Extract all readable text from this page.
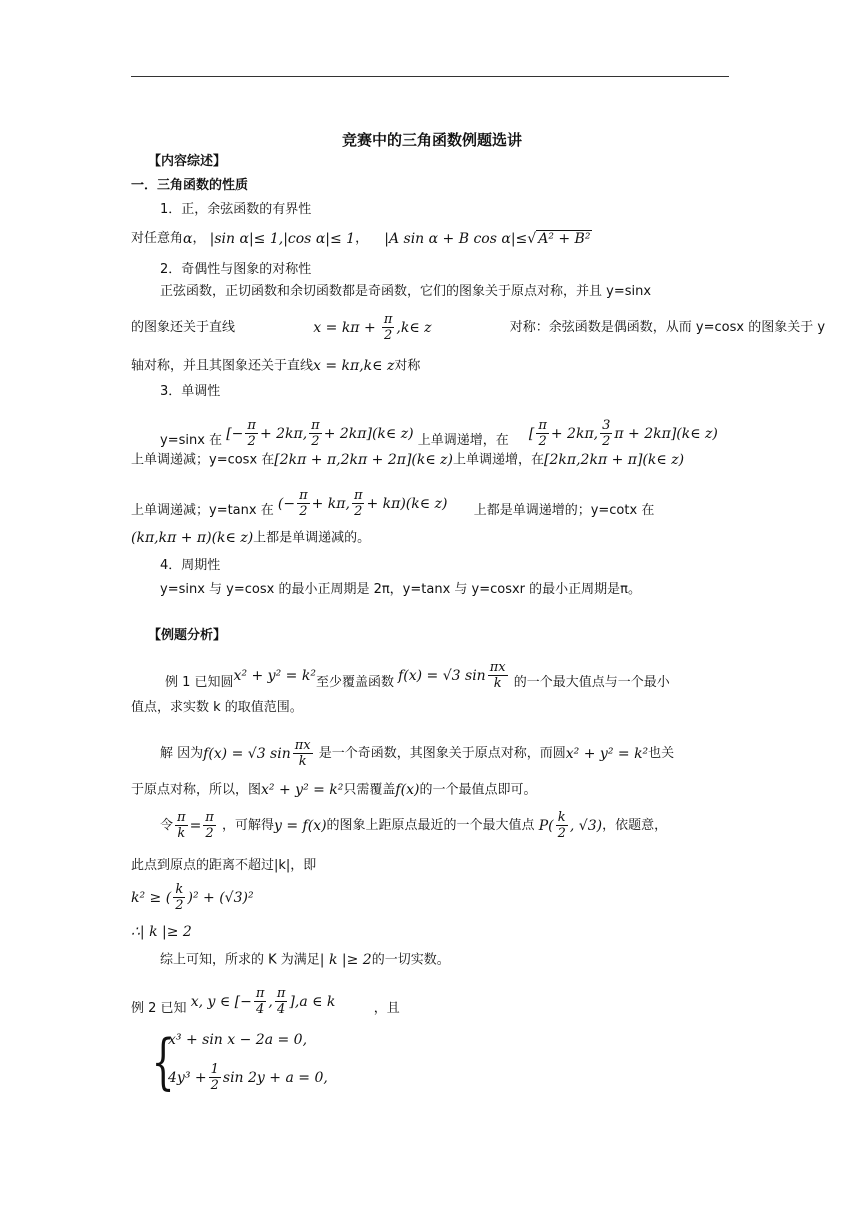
竞赛中的三角函数例题选讲
【内容综述】
一．三角函数的性质
1．正，余弦函数的有界性
对任意角α， |sin α|≤ 1,|cos α|≤ 1， |A sin α + B cos α|≤√ A² + B²
2．奇偶性与图象的对称性
正弦函数，正切函数和余切函数都是奇函数，它们的图象关于原点对称，并且 y=sinx
的图象还关于直线	$x = k\pi + \frac{\pi}{2}$ ,k∈ z	对称：余弦函数是偶函数，从而 y=cosx 的图象关于 y
轴对称，并且其图象还关于直线x = kπ,k∈ z对称
3．单调性
y=sinx 在 [− $\frac{\pi}{2} + 2k\pi$, $\frac{\pi}{2}$ + 2kπ](k∈ z) 上单调递增，在 [ $\frac{\pi}{2} + 2k\pi$, $\frac{3}{2}$ π + 2kπ](k∈ z)
上单调递减；y=cosx 在[2kπ + π,2kπ + 2π](k∈ z)上单调递增，在[2kπ,2kπ + π](k∈ z)
上单调递减；y=tanx 在 (− $\frac{\pi}{2} + k\pi$, $\frac{\pi}{2}$ + kπ)(k∈ z) 上都是单调递增的；y=cotx 在
(kπ,kπ + π)(k∈ z)上都是单调递减的。
4．周期性
y=sinx 与 y=cosx 的最小正周期是 2π，y=tanx 与 y=cosxr 的最小正周期是π。
【例题分析】
例 1 已知圆x² + y² = k²至少覆盖函数 f(x) = √3 $\sin \frac{\pi x}{k}$ 的一个最大值点与一个最小
值点，求实数 k 的取值范围。
解 因为f(x) = √3 $\sin \frac{\pi x}{k}$ 是一个奇函数，其图象关于原点对称，而圆x² + y² = k²也关
于原点对称，所以，图x² + y² = k²只需覆盖f(x)的一个最值点即可。
令 $\frac{\pi}{k} = \frac{\pi}{2}$ ，可解得y = f(x)的图象上距原点最近的一个最大值点 $P( \frac{k}{2}$ , √3)，依题意，
此点到原点的距离不超过|k|，即
k² ≥ ( $\frac{k}{2} )^2 + (√3)^2$
∴| k |≥ 2
综上可知，所求的 K 为满足| k |≥ 2的一切实数。
例 2 已知 x, y ∈ [− $\frac{\pi}{4}$ , $\frac{\pi}{4} ],a$ ∈ k	，且
{
x³ + sin x − 2a = 0,
$4y^3 + \frac{1}{2}$ sin 2y + a = 0,
